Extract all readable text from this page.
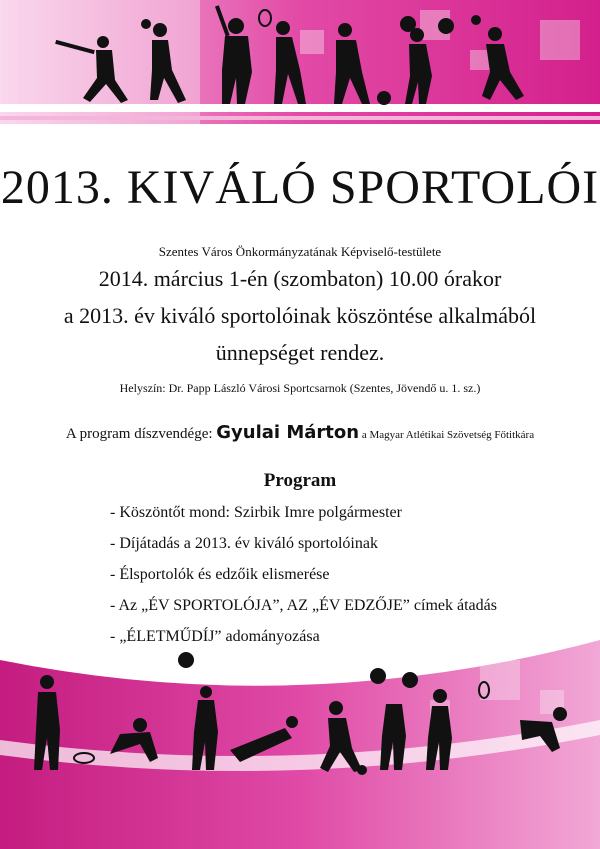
2013. KIVÁLÓ SPORTOLÓI

Szentes Város Önkormányzatának Képviselő-testülete

2014. március 1-én (szombaton) 10.00 órakor

a 2013. év kiváló sportolóinak köszöntése alkalmából

ünnepséget rendez.

Helyszín: Dr. Papp László Városi Sportcsarnok (Szentes, Jövendő u. 1. sz.)

A program díszvendége: Gyulai Márton a Magyar Atlétikai Szövetség Főtitkára

Program

- Köszöntőt mond: Szirbik Imre polgármester
- Díjátadás a 2013. év kiváló sportolóinak
- Élsportolók és edzőik elismerése
- Az „ÉV SPORTOLÓJA”, AZ „ÉV EDZŐJE” címek átadás
- „ÉLETMŰDÍJ” adományozása
